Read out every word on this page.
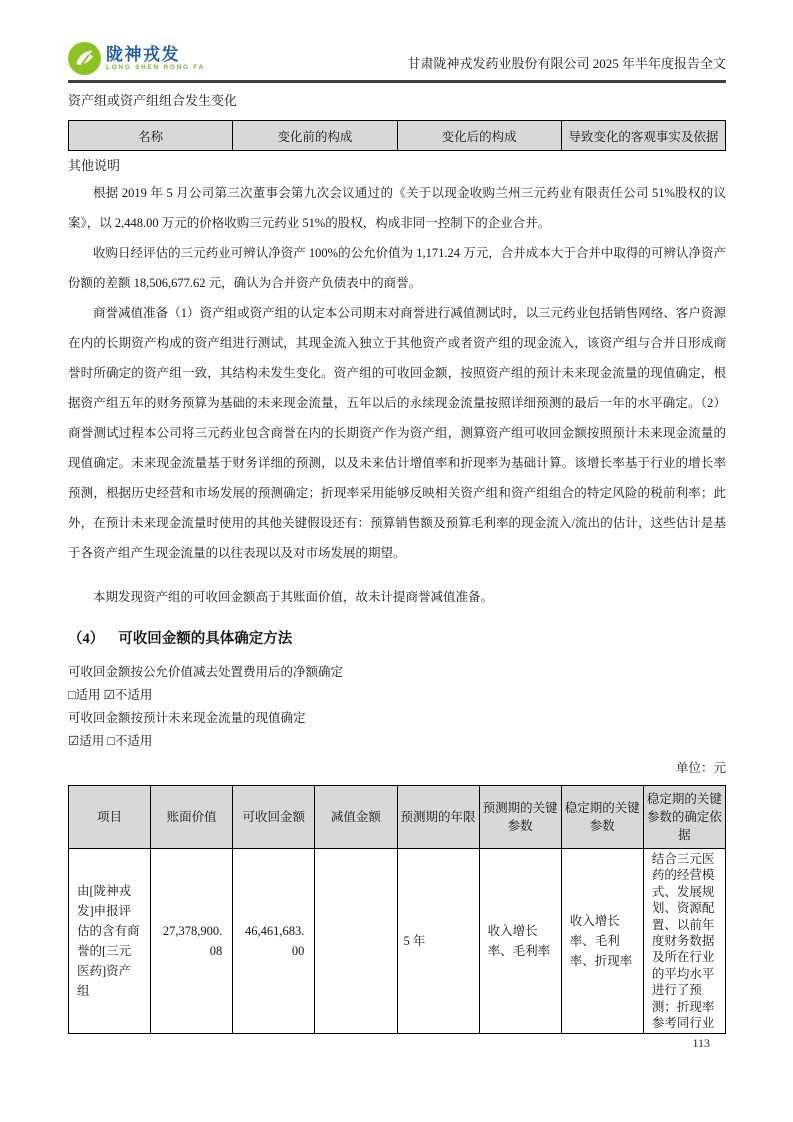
陇神戎发
LONG SHEN RONG FA	甘肃陇神戎发药业股份有限公司 2025 年半年度报告全文
资产组或资产组组合发生变化
名称	变化前的构成	变化后的构成	导致变化的客观事实及依据
其他说明

根据 2019 年 5 月公司第三次董事会第九次会议通过的《关于以现金收购兰州三元药业有限责任公司 51%股权的议案》，以 2,448.00 万元的价格收购三元药业 51%的股权，构成非同一控制下的企业合并。

收购日经评估的三元药业可辨认净资产 100%的公允价值为 1,171.24 万元，合并成本大于合并中取得的可辨认净资产份额的差额 18,506,677.62 元，确认为合并资产负债表中的商誉。

商誉减值准备（1）资产组或资产组的认定本公司期末对商誉进行减值测试时，以三元药业包括销售网络、客户资源在内的长期资产构成的资产组进行测试，其现金流入独立于其他资产或者资产组的现金流入，该资产组与合并日形成商誉时所确定的资产组一致，其结构未发生变化。资产组的可收回金额，按照资产组的预计未来现金流量的现值确定，根据资产组五年的财务预算为基础的未来现金流量，五年以后的永续现金流量按照详细预测的最后一年的水平确定。（2）商誉测试过程本公司将三元药业包含商誉在内的长期资产作为资产组，测算资产组可收回金额按照预计未来现金流量的现值确定。未来现金流量基于财务详细的预测，以及未来估计增值率和折现率为基础计算。该增长率基于行业的增长率预测，根据历史经营和市场发展的预测确定；折现率采用能够反映相关资产组和资产组组合的特定风险的税前利率；此外，在预计未来现金流量时使用的其他关键假设还有：预算销售额及预算毛利率的现金流入/流出的估计，这些估计是基于各资产组产生现金流量的以往表现以及对市场发展的期望。

本期发现资产组的可收回金额高于其账面价值，故未计提商誉减值准备。

（4） 可收回金额的具体确定方法
可收回金额按公允价值减去处置费用后的净额确定
□适用 ☑不适用
可收回金额按预计未来现金流量的现值确定
☑适用 □不适用
单位：元
项目	账面价值	可收回金额	减值金额	预测期的年限	预测期的关键参数	稳定期的关键参数	稳定期的关键参数的确定依据
由[陇神戎发]申报评估的含有商誉的[三元医药]资产组	27,378,900.08	46,461,683.00		5 年	收入增长率、毛利率	收入增长率、毛利率、折现率	结合三元医药的经营模式、发展规划、资源配置、以前年度财务数据及所在行业的平均水平进行了预测；折现率参考同行业
113
